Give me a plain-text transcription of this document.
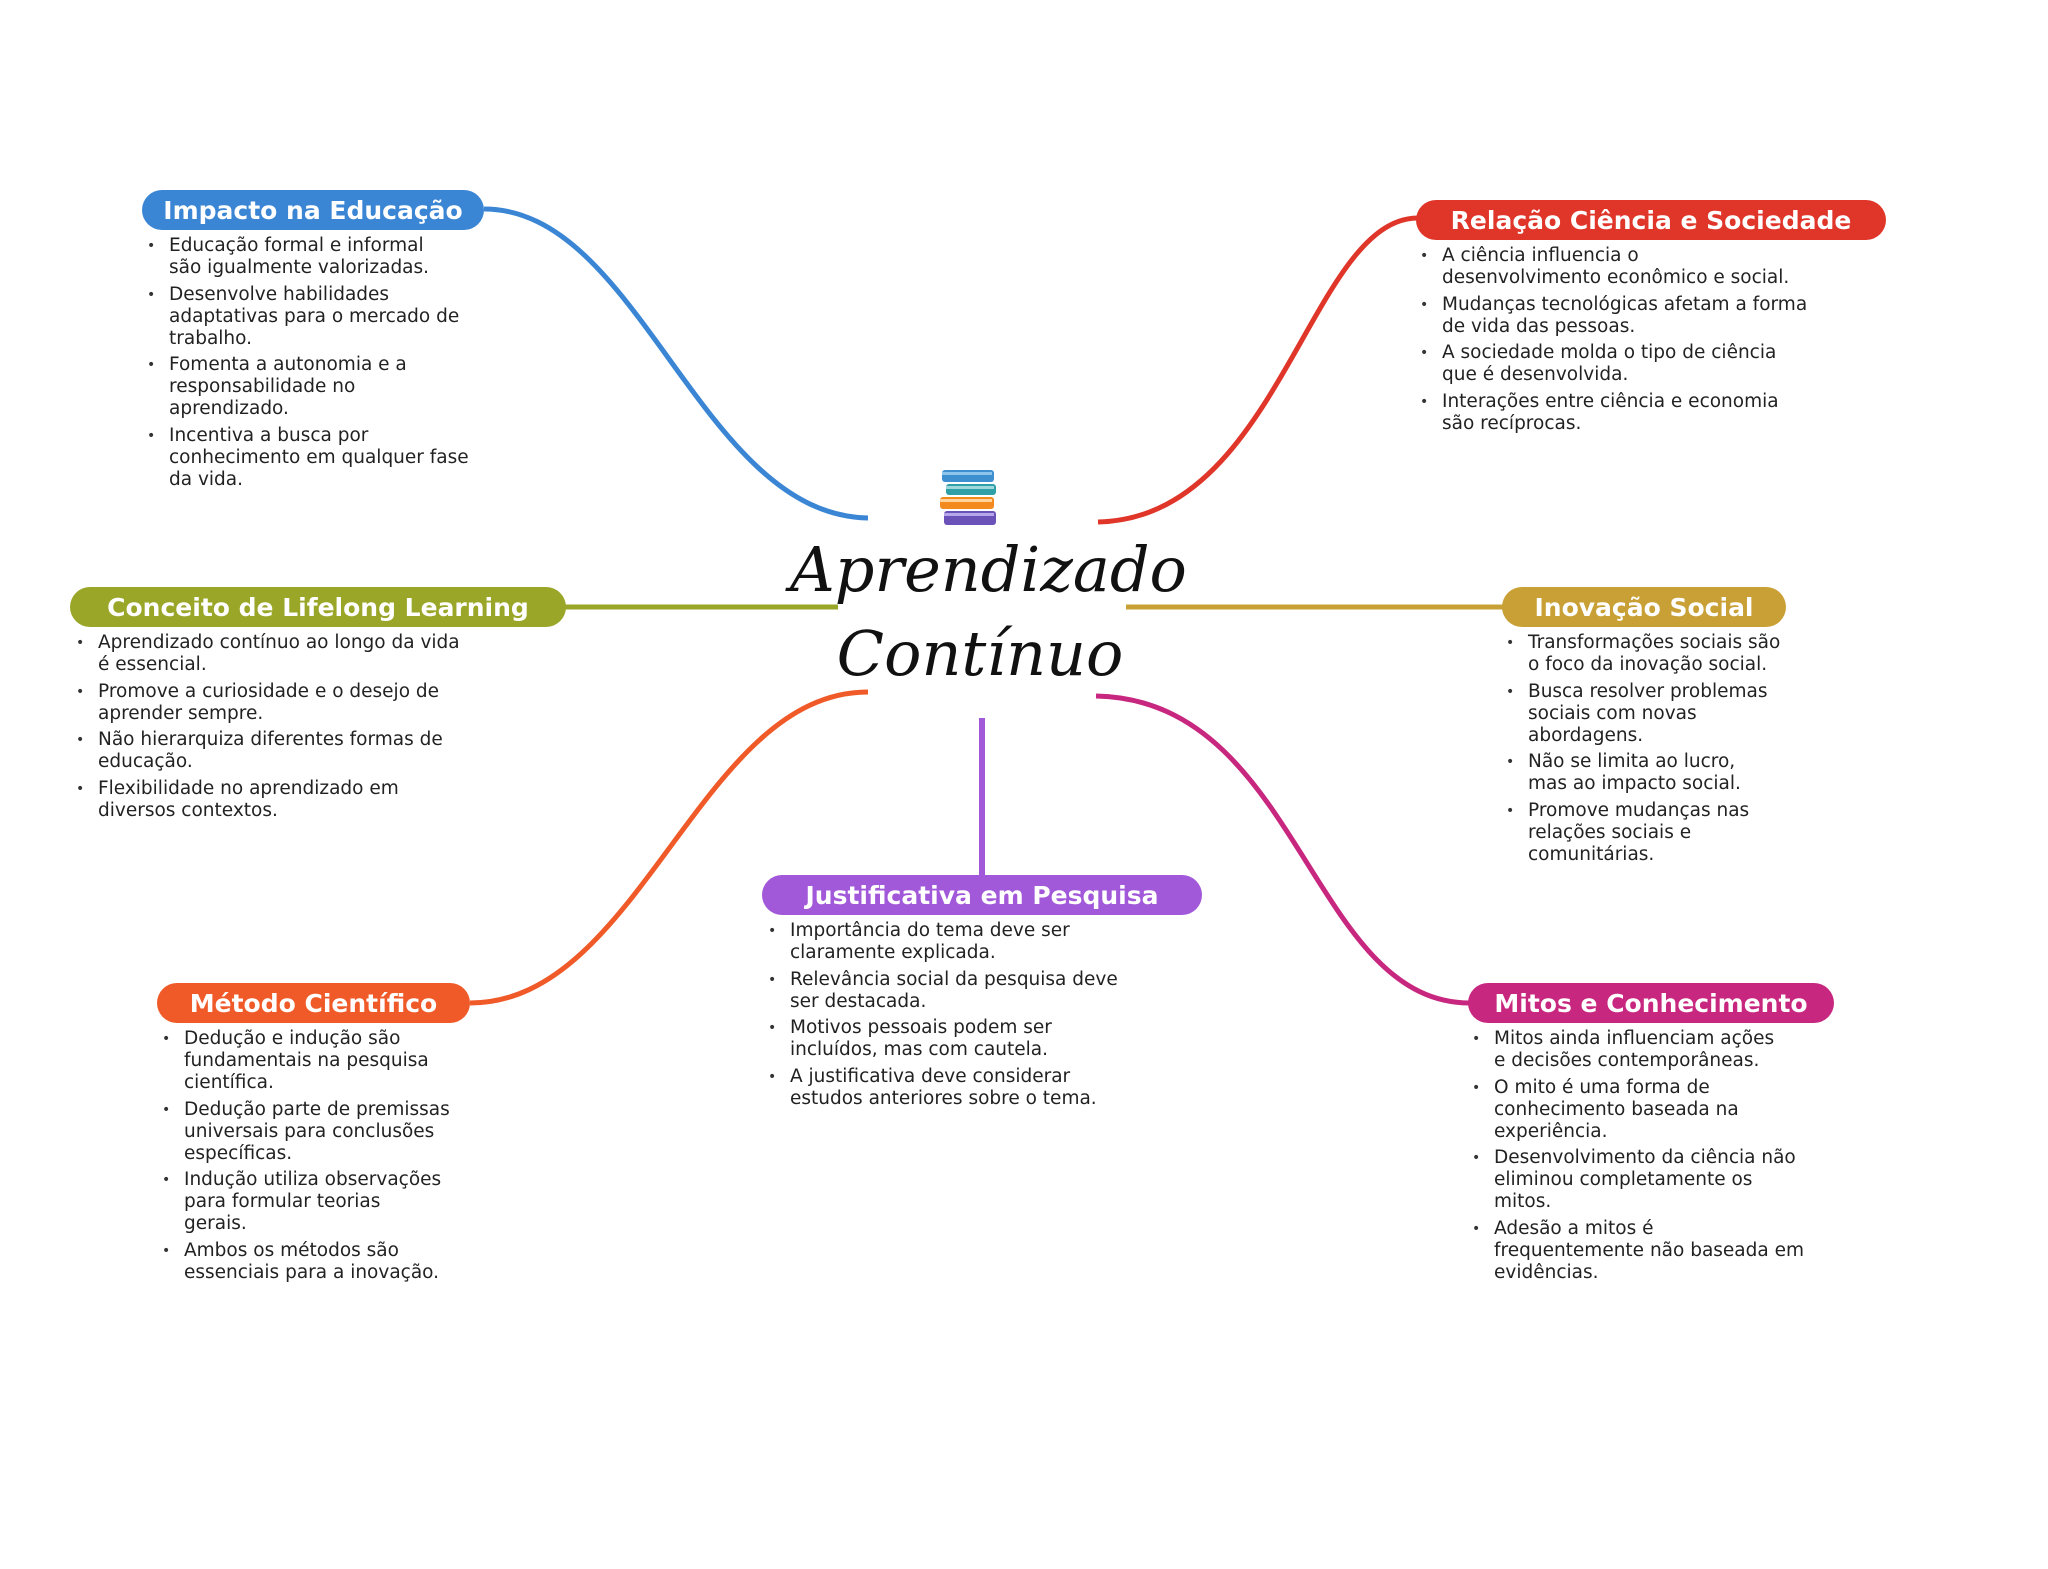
Aprendizado
Contínuo
Impacto na Educação
• Educação formal e informal
são igualmente valorizadas.
• Desenvolve habilidades
adaptativas para o mercado de
trabalho.
• Fomenta a autonomia e a
responsabilidade no
aprendizado.
• Incentiva a busca por
conhecimento em qualquer fase
da vida.
Conceito de Lifelong Learning
• Aprendizado contínuo ao longo da vida
é essencial.
• Promove a curiosidade e o desejo de
aprender sempre.
• Não hierarquiza diferentes formas de
educação.
• Flexibilidade no aprendizado em
diversos contextos.
Método Científico
• Dedução e indução são
fundamentais na pesquisa
científica.
• Dedução parte de premissas
universais para conclusões
específicas.
• Indução utiliza observações
para formular teorias
gerais.
• Ambos os métodos são
essenciais para a inovação.
Justificativa em Pesquisa
• Importância do tema deve ser
claramente explicada.
• Relevância social da pesquisa deve
ser destacada.
• Motivos pessoais podem ser
incluídos, mas com cautela.
• A justificativa deve considerar
estudos anteriores sobre o tema.
Relação Ciência e Sociedade
• A ciência influencia o
desenvolvimento econômico e social.
• Mudanças tecnológicas afetam a forma
de vida das pessoas.
• A sociedade molda o tipo de ciência
que é desenvolvida.
• Interações entre ciência e economia
são recíprocas.
Inovação Social
• Transformações sociais são
o foco da inovação social.
• Busca resolver problemas
sociais com novas
abordagens.
• Não se limita ao lucro,
mas ao impacto social.
• Promove mudanças nas
relações sociais e
comunitárias.
Mitos e Conhecimento
• Mitos ainda influenciam ações
e decisões contemporâneas.
• O mito é uma forma de
conhecimento baseada na
experiência.
• Desenvolvimento da ciência não
eliminou completamente os
mitos.
• Adesão a mitos é
frequentemente não baseada em
evidências.
